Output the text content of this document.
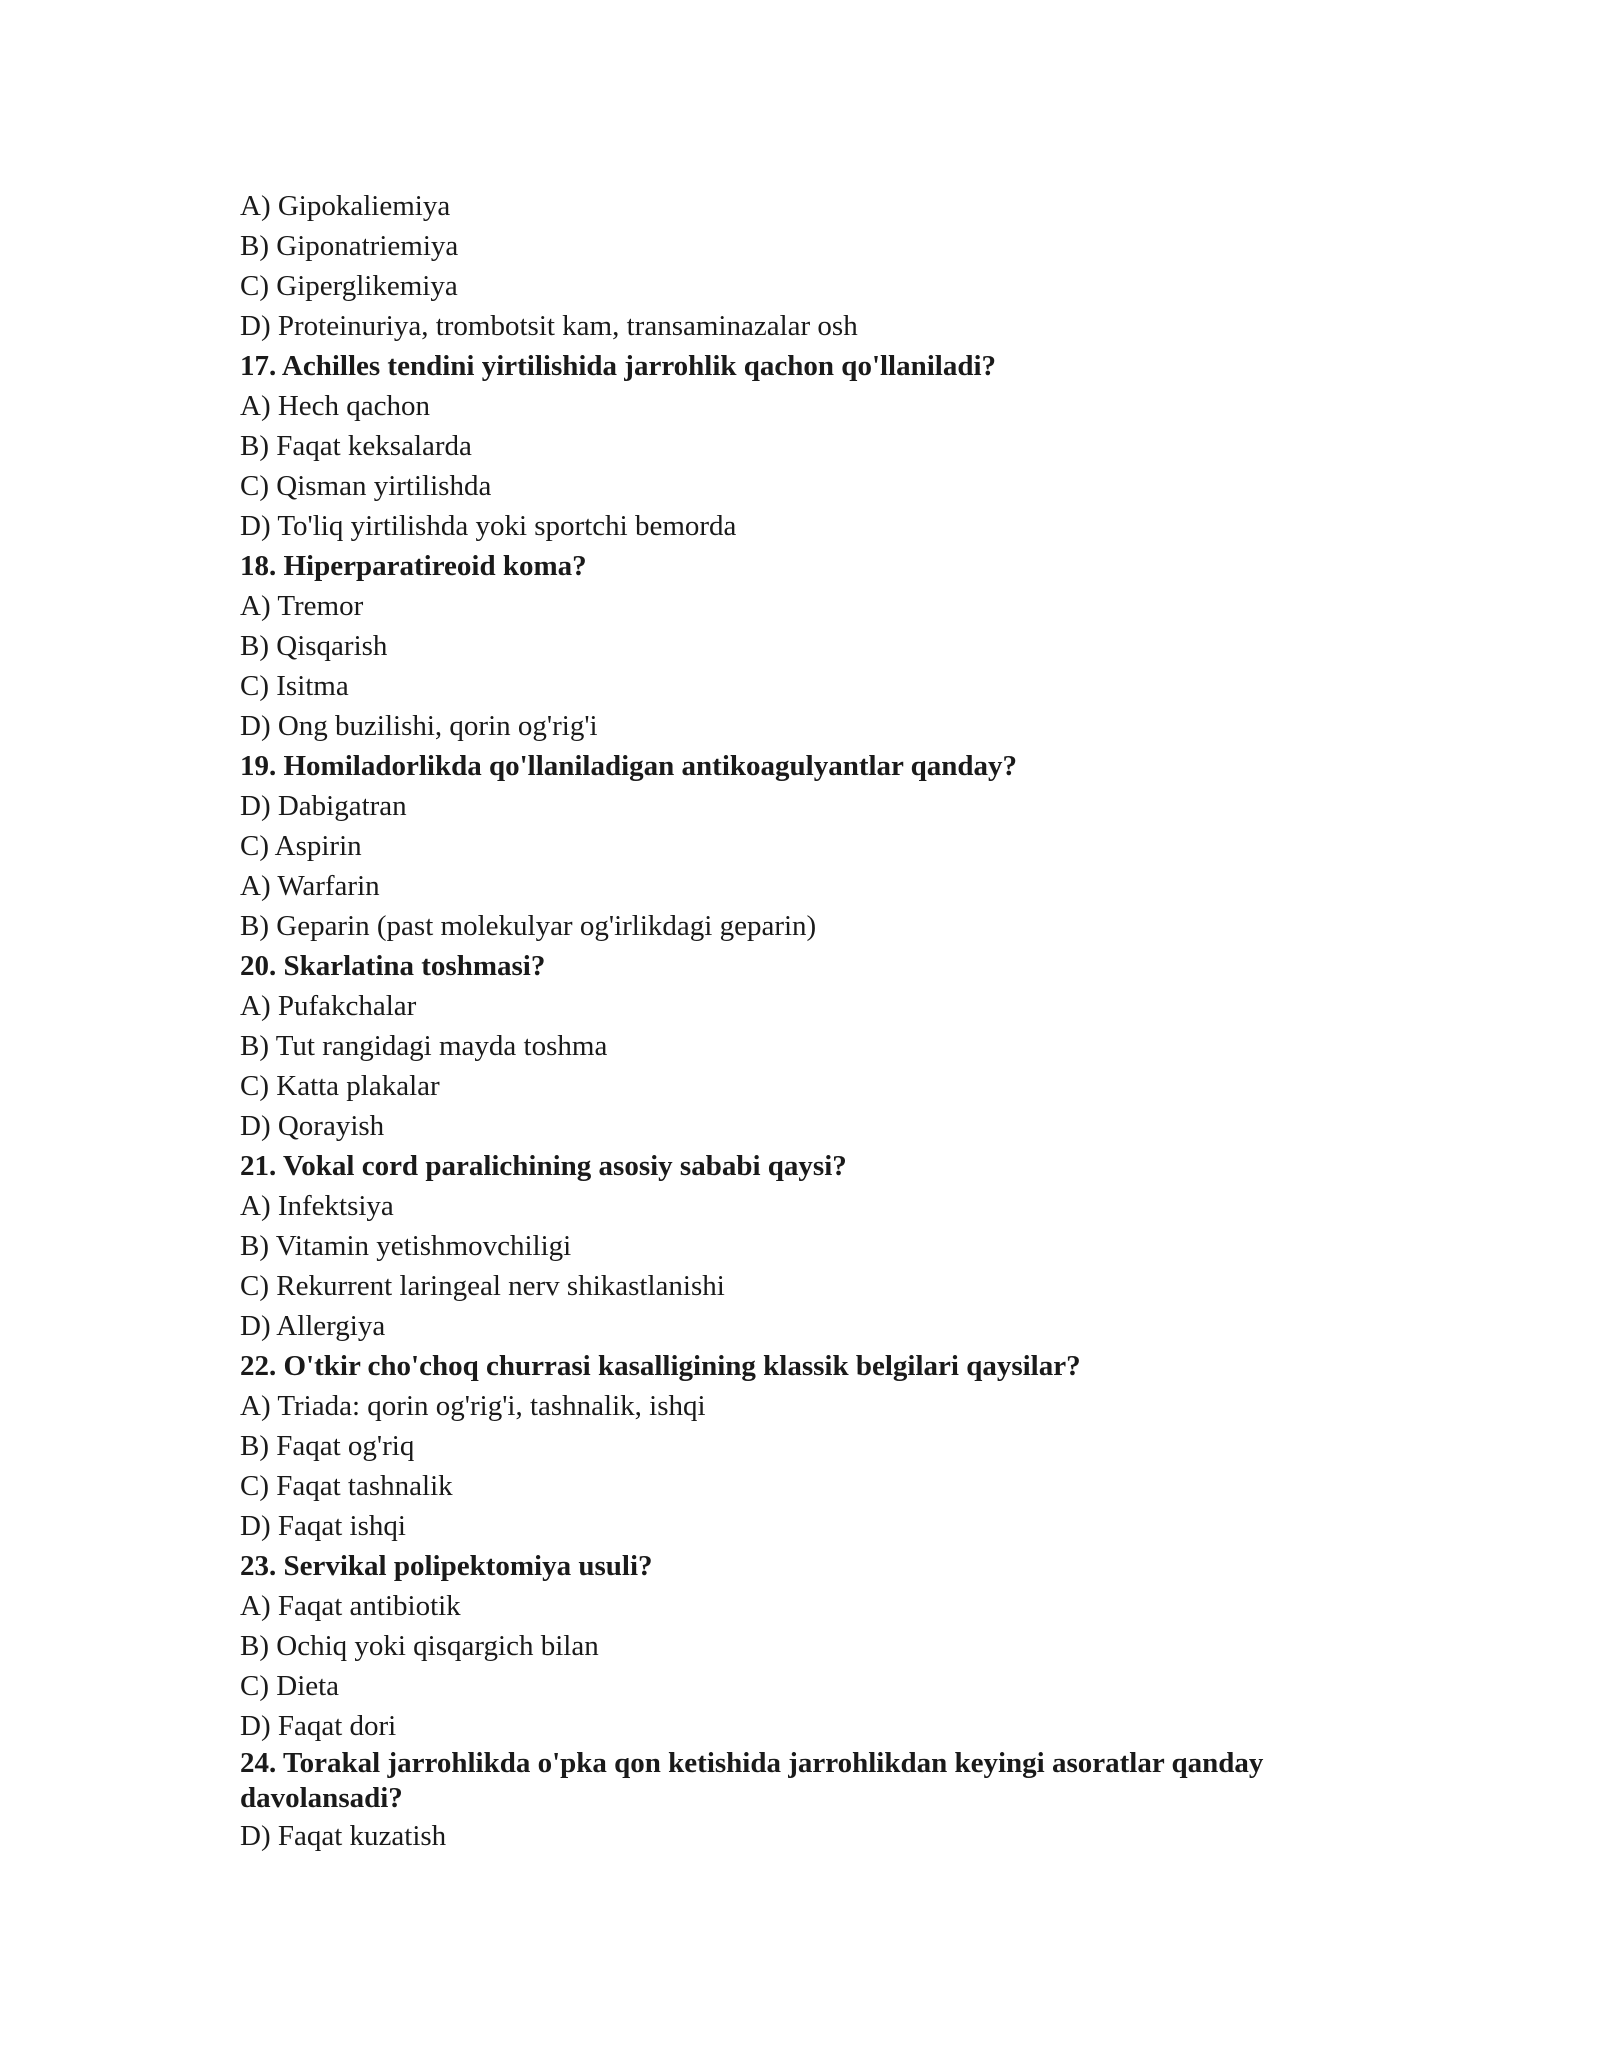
A) Gipokaliemiya
B) Giponatriemiya
C) Giperglikemiya
D) Proteinuriya, trombotsit kam, transaminazalar osh
17. Achilles tendini yirtilishida jarrohlik qachon qo'llaniladi?
A) Hech qachon
B) Faqat keksalarda
C) Qisman yirtilishda
D) To'liq yirtilishda yoki sportchi bemorda
18. Hiperparatireoid koma?
A) Tremor
B) Qisqarish
C) Isitma
D) Ong buzilishi, qorin og'rig'i
19. Homiladorlikda qo'llaniladigan antikoagulyantlar qanday?
D) Dabigatran
C) Aspirin
A) Warfarin
B) Geparin (past molekulyar og'irlikdagi geparin)
20. Skarlatina toshmasi?
A) Pufakchalar
B) Tut rangidagi mayda toshma
C) Katta plakalar
D) Qorayish
21. Vokal cord paralichining asosiy sababi qaysi?
A) Infektsiya
B) Vitamin yetishmovchiligi
C) Rekurrent laringeal nerv shikastlanishi
D) Allergiya
22. O'tkir cho'choq churrasi kasalligining klassik belgilari qaysilar?
A) Triada: qorin og'rig'i, tashnalik, ishqi
B) Faqat og'riq
C) Faqat tashnalik
D) Faqat ishqi
23. Servikal polipektomiya usuli?
A) Faqat antibiotik
B) Ochiq yoki qisqargich bilan
C) Dieta
D) Faqat dori
24. Torakal jarrohlikda o'pka qon ketishida jarrohlikdan keyingi asoratlar qanday davolansadi?
D) Faqat kuzatish
